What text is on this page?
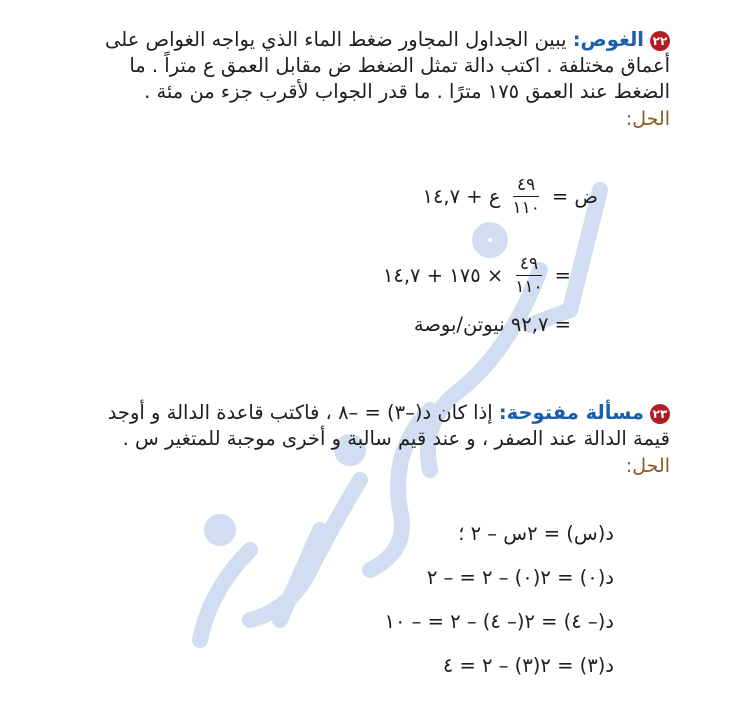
٢٢الغوص: يبين الجداول المجاور ضغط الماء الذي يواجه الغواص على أعماق مختلفة . اكتب دالة تمثل الضغط ض مقابل العمق ع متراً . ما الضغط عند العمق ١٧٥ مترًا . ما قدر الجواب لأقرب جزء من مئة .
الحل:
ض =
$\frac{٤٩}{١١٠}$
ع + ١٤,٧
=
$\frac{٤٩}{١١٠}$
× ١٧٥ + ١٤,٧
= ٩٢,٧ نيوتن/بوصة
٢٣مسألة مفتوحة: إذا كان د(–٣) = –٨ ، فاكتب قاعدة الدالة و أوجد قيمة الدالة عند الصفر ، و عند قيم سالبة و أخرى موجبة للمتغير س .
الحل:
د(س) = ٢س – ٢ ؛
د(٠) = ٢(٠) – ٢ = – ٢
د(– ٤) = ٢(– ٤) – ٢ = – ١٠
د(٣) = ٢(٣) – ٢ = ٤
